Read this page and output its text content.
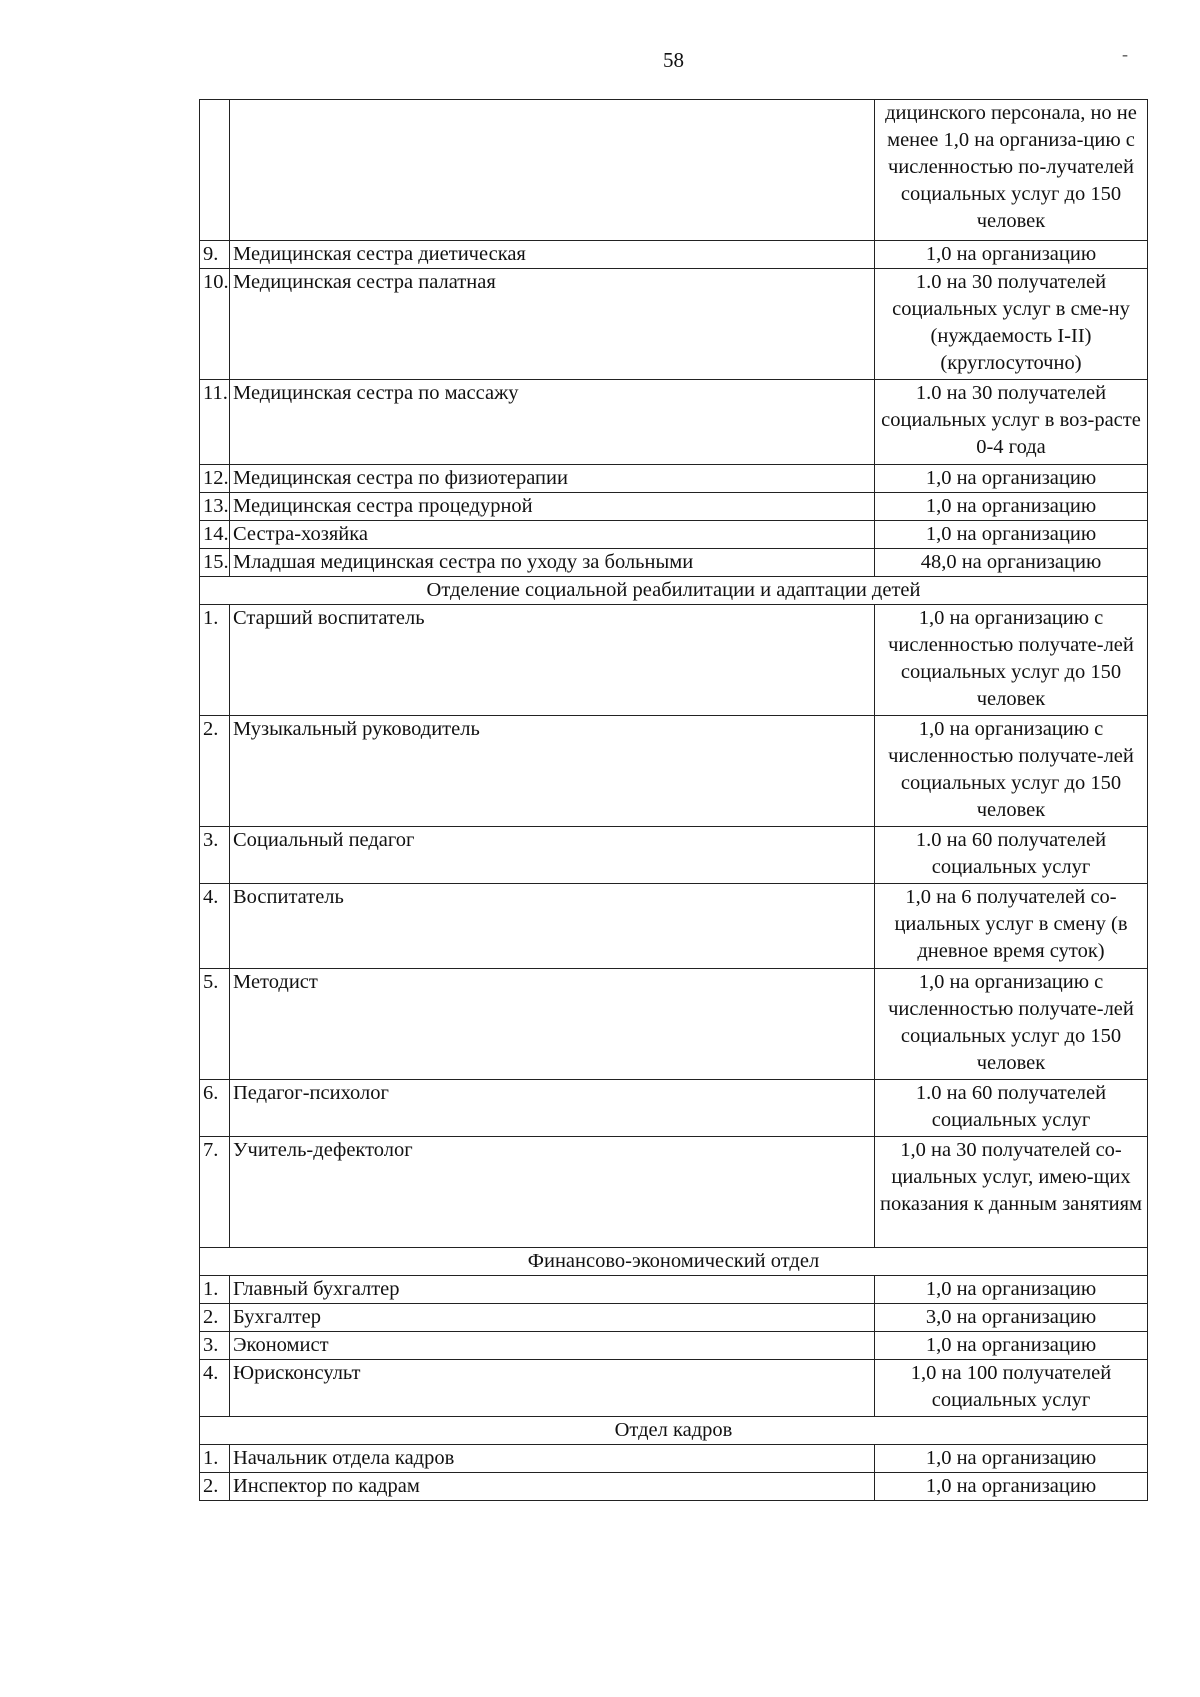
58	-
		дицинского персонала, но не менее 1,0 на организа-цию с численностью по-лучателей социальных услуг до 150 человек
9.	Медицинская сестра диетическая	1,0 на организацию
10.	Медицинская сестра палатная	1.0 на 30 получателей социальных услуг в сме-ну (нуждаемость I-II) (круглосуточно)
11.	Медицинская сестра по массажу	1.0 на 30 получателей социальных услуг в воз-расте 0-4 года
12.	Медицинская сестра по физиотерапии	1,0 на организацию
13.	Медицинская сестра процедурной	1,0 на организацию
14.	Сестра-хозяйка	1,0 на организацию
15.	Младшая медицинская сестра по уходу за больными	48,0 на организацию
Отделение социальной реабилитации и адаптации детей		
1.	Старший воспитатель	1,0 на организацию с численностью получате-лей социальных услуг до 150 человек
2.	Музыкальный руководитель	1,0 на организацию с численностью получате-лей социальных услуг до 150 человек
3.	Социальный педагог	1.0 на 60 получателей социальных услуг
4.	Воспитатель	1,0 на 6 получателей со-циальных услуг в смену (в дневное время суток)
5.	Методист	1,0 на организацию с численностью получате-лей социальных услуг до 150 человек
6.	Педагог-психолог	1.0 на 60 получателей социальных услуг
7.	Учитель-дефектолог	1,0 на 30 получателей со-циальных услуг, имею-щих показания к данным занятиям
Финансово-экономический отдел		
1.	Главный бухгалтер	1,0 на организацию
2.	Бухгалтер	3,0 на организацию
3.	Экономист	1,0 на организацию
4.	Юрисконсульт	1,0 на 100 получателей социальных услуг
Отдел кадров		
1.	Начальник отдела кадров	1,0 на организацию
2.	Инспектор по кадрам	1,0 на организацию
